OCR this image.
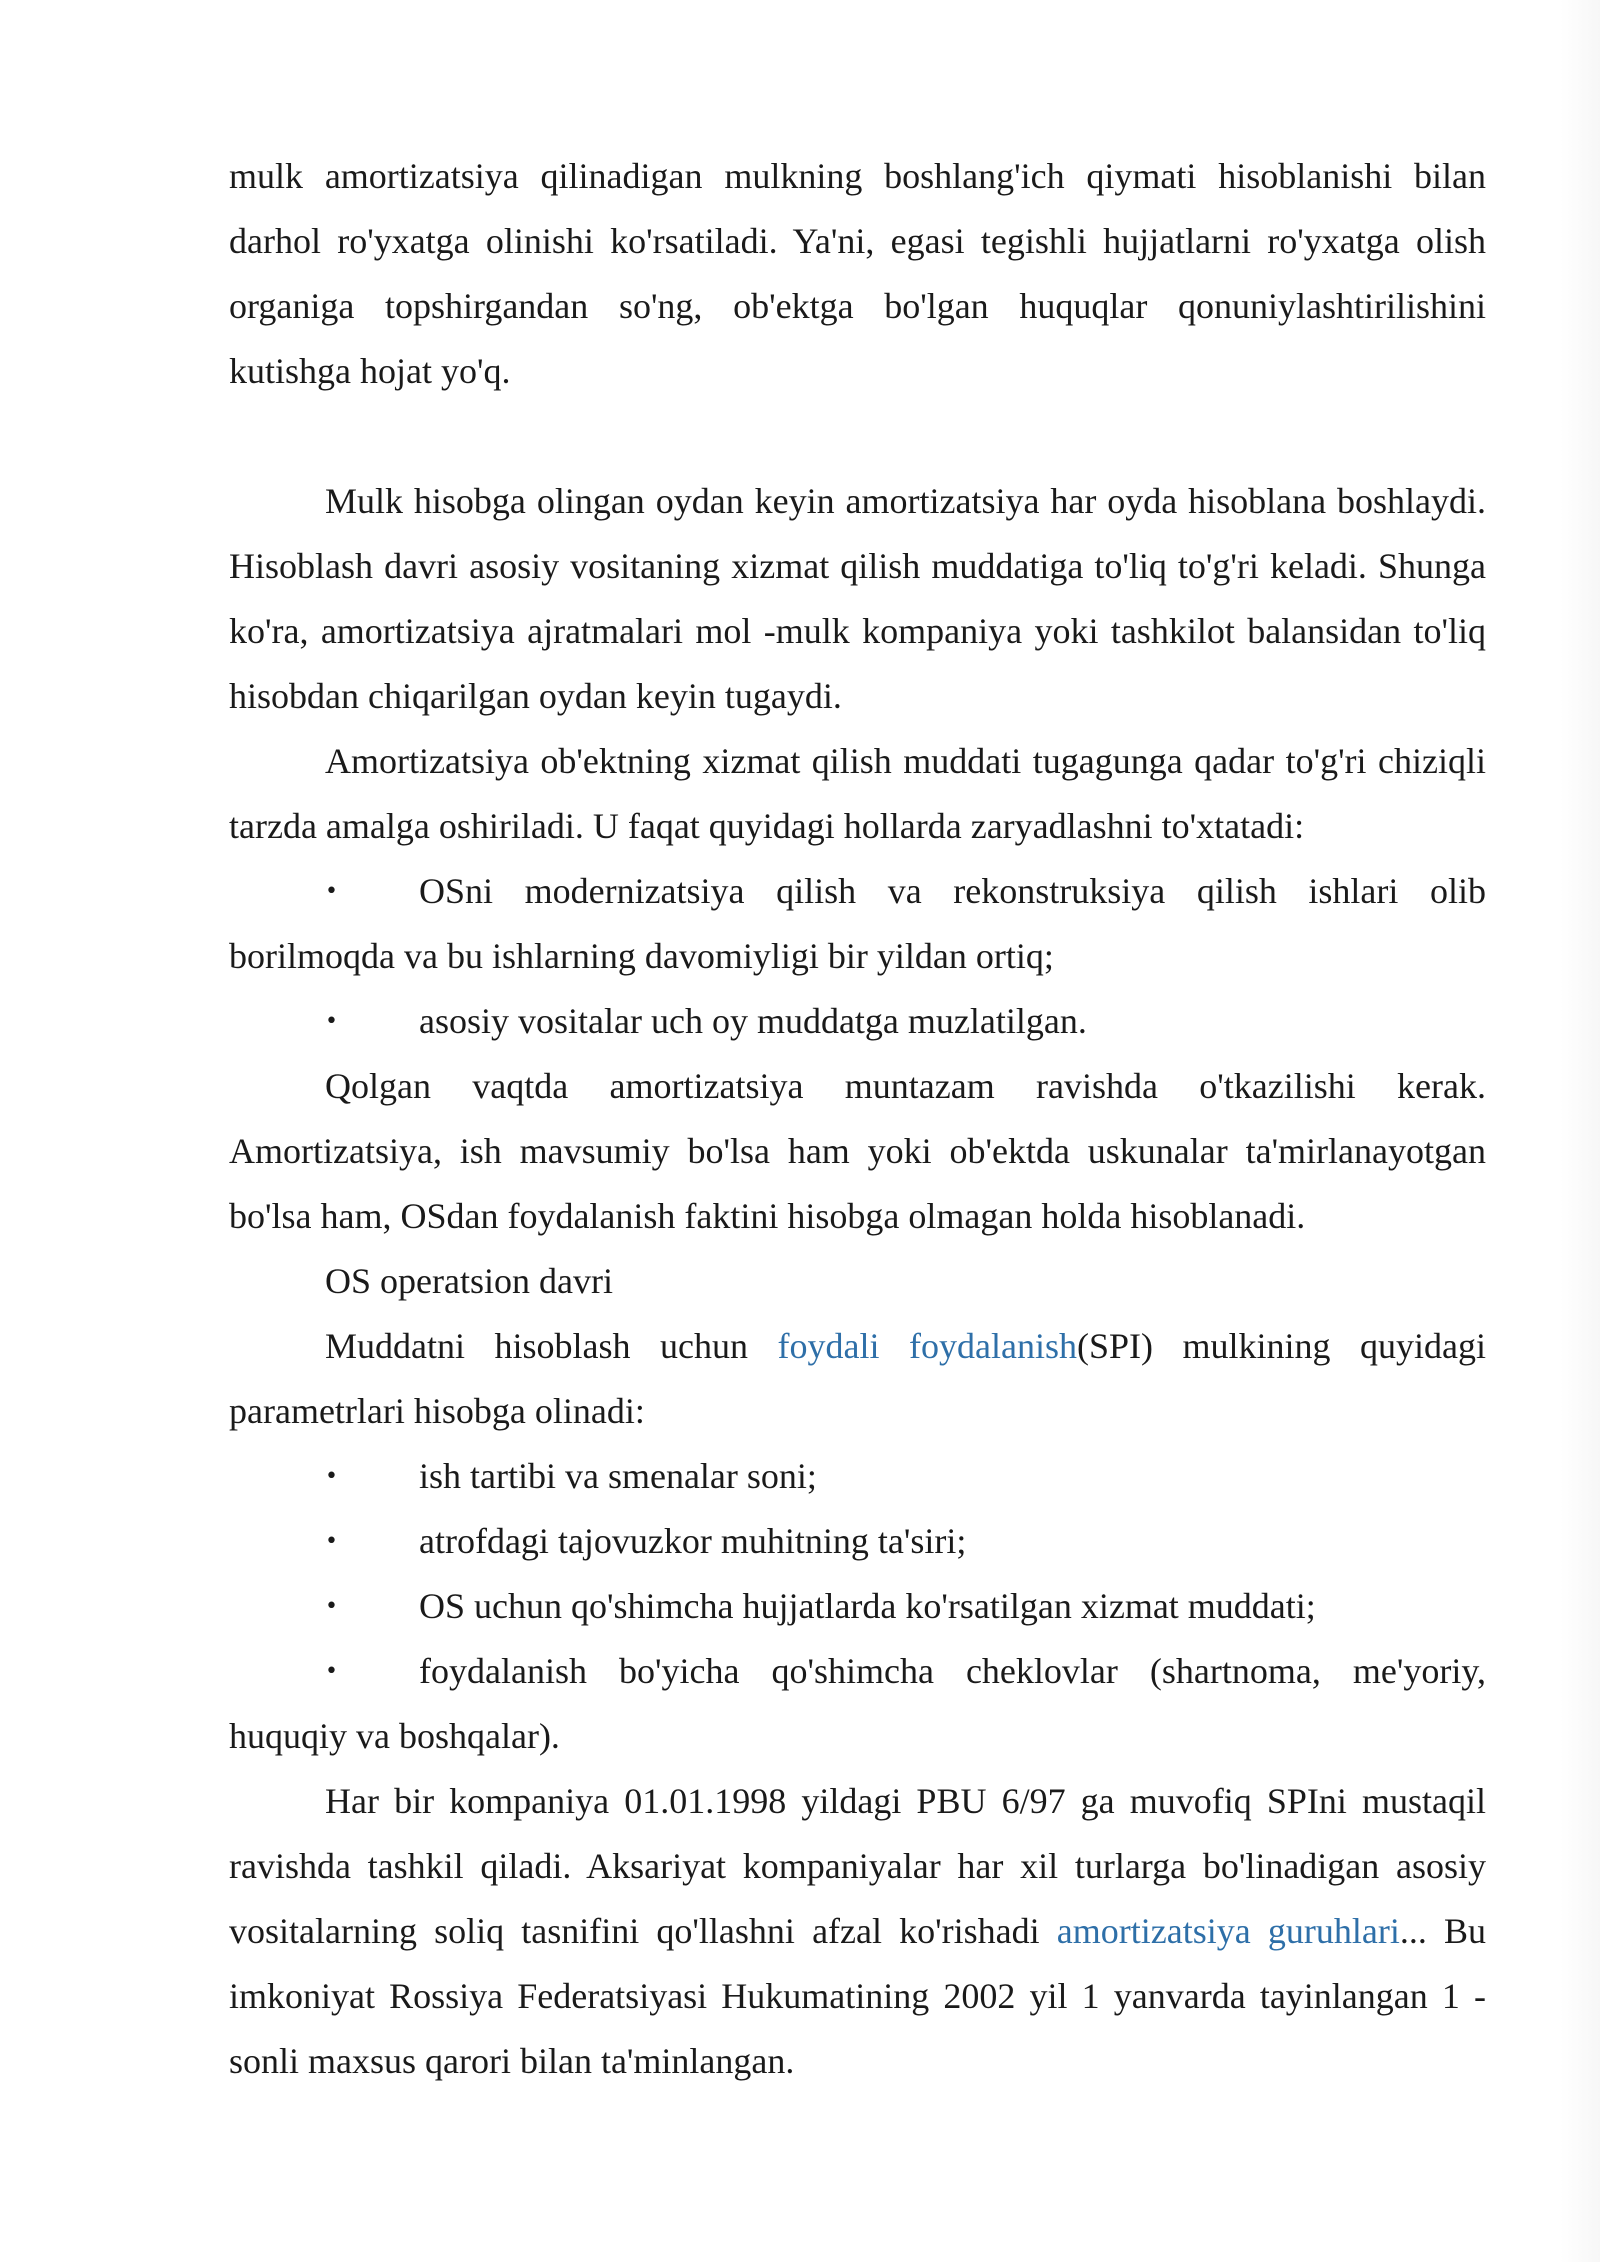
mulk amortizatsiya qilinadigan mulkning boshlang'ich qiymati hisoblanishi bilan darhol ro'yxatga olinishi ko'rsatiladi. Ya'ni, egasi tegishli hujjatlarni ro'yxatga olish organiga topshirgandan so'ng, ob'ektga bo'lgan huquqlar qonuniylashtirilishini kutishga hojat yo'q.

Mulk hisobga olingan oydan keyin amortizatsiya har oyda hisoblana boshlaydi. Hisoblash davri asosiy vositaning xizmat qilish muddatiga to'liq to'g'ri keladi. Shunga ko'ra, amortizatsiya ajratmalari mol -mulk kompaniya yoki tashkilot balansidan to'liq hisobdan chiqarilgan oydan keyin tugaydi.

Amortizatsiya ob'ektning xizmat qilish muddati tugagunga qadar to'g'ri chiziqli tarzda amalga oshiriladi. U faqat quyidagi hollarda zaryadlashni to'xtatadi:

• OSni modernizatsiya qilish va rekonstruksiya qilish ishlari olib borilmoqda va bu ishlarning davomiyligi bir yildan ortiq;

• asosiy vositalar uch oy muddatga muzlatilgan.

Qolgan vaqtda amortizatsiya muntazam ravishda o'tkazilishi kerak. Amortizatsiya, ish mavsumiy bo'lsa ham yoki ob'ektda uskunalar ta'mirlanayotgan bo'lsa ham, OSdan foydalanish faktini hisobga olmagan holda hisoblanadi.

OS operatsion davri

Muddatni hisoblash uchun foydali foydalanish(SPI) mulkining quyidagi parametrlari hisobga olinadi:

• ish tartibi va smenalar soni;

• atrofdagi tajovuzkor muhitning ta'siri;

• OS uchun qo'shimcha hujjatlarda ko'rsatilgan xizmat muddati;

• foydalanish bo'yicha qo'shimcha cheklovlar (shartnoma, me'yoriy, huquqiy va boshqalar).

Har bir kompaniya 01.01.1998 yildagi PBU 6/97 ga muvofiq SPIni mustaqil ravishda tashkil qiladi. Aksariyat kompaniyalar har xil turlarga bo'linadigan asosiy vositalarning soliq tasnifini qo'llashni afzal ko'rishadi amortizatsiya guruhlari... Bu imkoniyat Rossiya Federatsiyasi Hukumatining 2002 yil 1 yanvarda tayinlangan 1 -sonli maxsus qarori bilan ta'minlangan.
